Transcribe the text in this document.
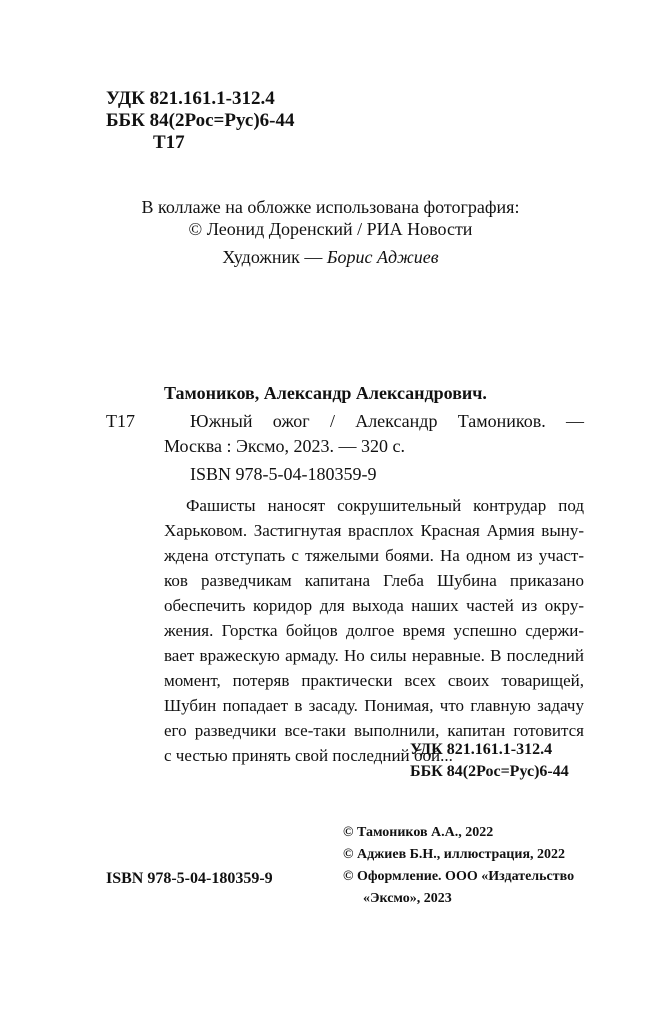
УДК 821.161.1-312.4
ББК 84(2Рос=Рус)6-44
Т17
В коллаже на обложке использована фотография:
© Леонид Доренский / РИА Новости
Художник — Борис Аджиев
Тамоников, Александр Александрович.
Т17	Южный ожог / Александр Тамоников. —
Москва : Эксмо, 2023. — 320 с.
ISBN 978-5-04-180359-9
Фашисты наносят сокрушительный контрудар под
Харьковом. Застигнутая врасплох Красная Армия выну-
ждена отступать с тяжелыми боями. На одном из участ-
ков разведчикам капитана Глеба Шубина приказано
обеспечить коридор для выхода наших частей из окру-
жения. Горстка бойцов долгое время успешно сдержи-
вает вражескую армаду. Но силы неравные. В последний
момент, потеряв практически всех своих товарищей,
Шубин попадает в засаду. Понимая, что главную задачу
его разведчики все-таки выполнили, капитан готовится
с честью принять свой последний бой...
УДК 821.161.1-312.4
ББК 84(2Рос=Рус)6-44
© Тамоников А.А., 2022
© Аджиев Б.Н., иллюстрация, 2022
© Оформление. ООО «Издательство
«Эксмо», 2023
ISBN 978-5-04-180359-9
